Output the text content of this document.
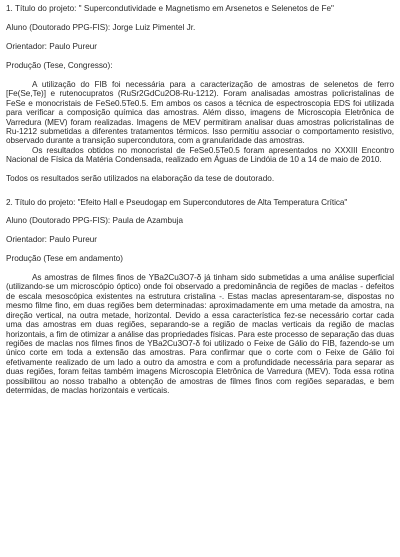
1. Título do projeto: " Supercondutividade e Magnetismo em Arsenetos e Selenetos de Fe"

Aluno (Doutorado PPG-FIS): Jorge Luiz Pimentel Jr.

Orientador: Paulo Pureur

Produção (Tese, Congresso):

A utilização do FIB foi necessária para a caracterização de amostras de selenetos de ferro [Fe(Se,Te)] e rutenocupratos (RuSr2GdCu2O8-Ru-1212). Foram analisadas amostras policristalinas de FeSe e monocristais de FeSe0.5Te0.5. Em ambos os casos a técnica de espectroscopia EDS foi utilizada para verificar a composição química das amostras. Além disso, imagens de Microscopia Eletrônica de Varredura (MEV) foram realizadas. Imagens de MEV permitiram analisar duas amostras policristalinas de Ru-1212 submetidas a diferentes tratamentos térmicos. Isso permitiu associar o comportamento resistivo, observado durante a transição supercondutora, com a granularidade das amostras.

Os resultados obtidos no monocristal de FeSe0.5Te0.5 foram apresentados no XXXIII Encontro Nacional de Física da Matéria Condensada, realizado em Águas de Lindóia de 10 a 14 de maio de 2010.

Todos os resultados serão utilizados na elaboração da tese de doutorado.

2. Título do projeto: "Efeito Hall e Pseudogap em Supercondutores de Alta Temperatura Crítica"

Aluno (Doutorado PPG-FIS): Paula de Azambuja

Orientador: Paulo Pureur

Produção (Tese em andamento)

As amostras de filmes finos de YBa2Cu3O7-δ já tinham sido submetidas a uma análise superficial (utilizando-se um microscópio óptico) onde foi observado a predominância de regiões de maclas - defeitos de escala mesoscópica existentes na estrutura cristalina -. Estas maclas apresentaram-se, dispostas no mesmo filme fino, em duas regiões bem determinadas: aproximadamente em uma metade da amostra, na direção vertical, na outra metade, horizontal. Devido a essa característica fez-se necessário cortar cada uma das amostras em duas regiões, separando-se a região de maclas verticais da região de maclas horizontais, a fim de otimizar a análise das propriedades físicas. Para este processo de separação das duas regiões de maclas nos filmes finos de YBa2Cu3O7-δ foi utilizado o Feixe de Gálio do FIB, fazendo-se um único corte em toda a extensão das amostras. Para confirmar que o corte com o Feixe de Gálio foi efetivamente realizado de um lado a outro da amostra e com a profundidade necessária para separar as duas regiões, foram feitas também imagens Microscopia Eletrônica de Varredura (MEV). Toda essa rotina possibilitou ao nosso trabalho a obtenção de amostras de filmes finos com regiões separadas, e bem determidas, de maclas horizontais e verticais.
